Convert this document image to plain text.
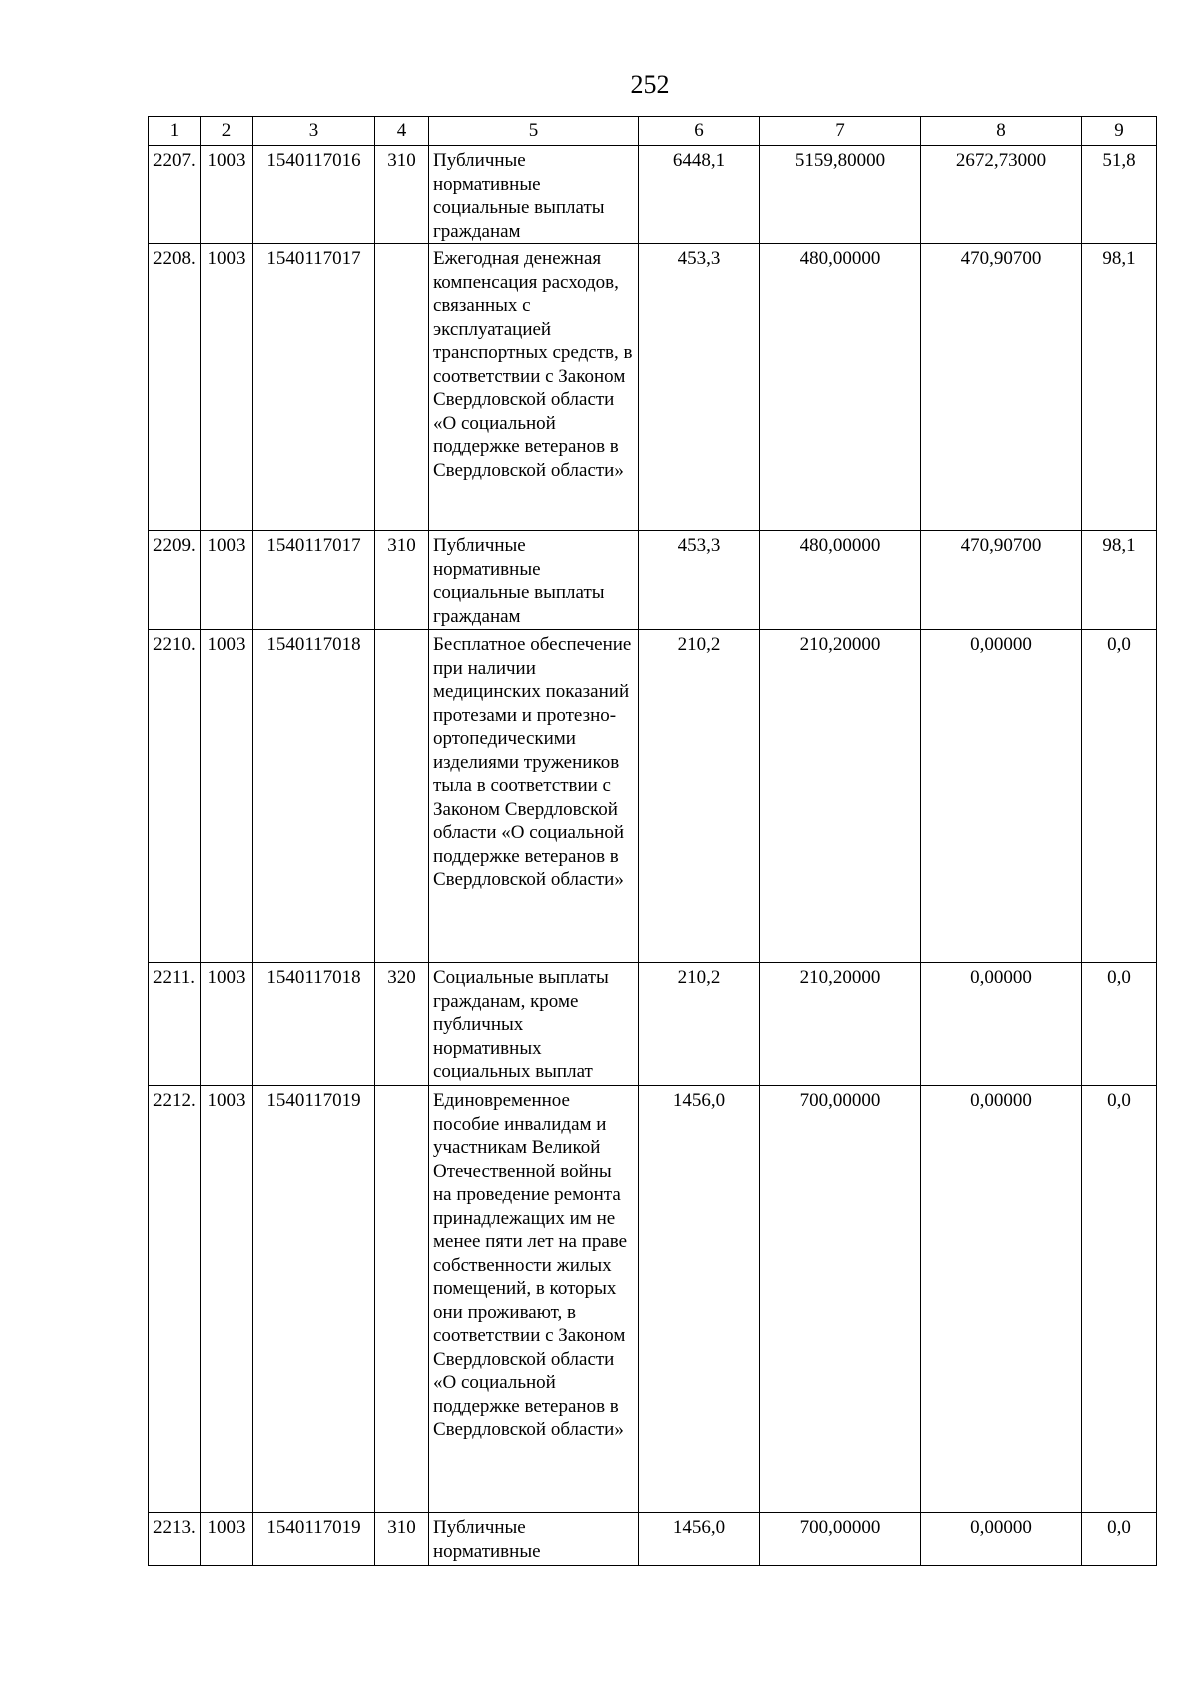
252
1	2	3	4	5	6	7	8	9
2207.	1003	1540117016	310	Публичные нормативные социальные выплаты гражданам	6448,1	5159,80000	2672,73000	51,8
2208.	1003	1540117017		Ежегодная денежная компенсация расходов, связанных с эксплуатацией транспортных средств, в соответствии с Законом Свердловской области «О социальной поддержке ветеранов в Свердловской области»	453,3	480,00000	470,90700	98,1
2209.	1003	1540117017	310	Публичные нормативные социальные выплаты гражданам	453,3	480,00000	470,90700	98,1
2210.	1003	1540117018		Бесплатное обеспечение при наличии медицинских показаний протезами и протезно-ортопедическими изделиями тружеников тыла в соответствии с Законом Свердловской области «О социальной поддержке ветеранов в Свердловской области»	210,2	210,20000	0,00000	0,0
2211.	1003	1540117018	320	Социальные выплаты гражданам, кроме публичных нормативных социальных выплат	210,2	210,20000	0,00000	0,0
2212.	1003	1540117019		Единовременное пособие инвалидам и участникам Великой Отечественной войны на проведение ремонта принадлежащих им не менее пяти лет на праве собственности жилых помещений, в которых они проживают, в соответствии с Законом Свердловской области «О социальной поддержке ветеранов в Свердловской области»	1456,0	700,00000	0,00000	0,0
2213.	1003	1540117019	310	Публичные нормативные	1456,0	700,00000	0,00000	0,0
